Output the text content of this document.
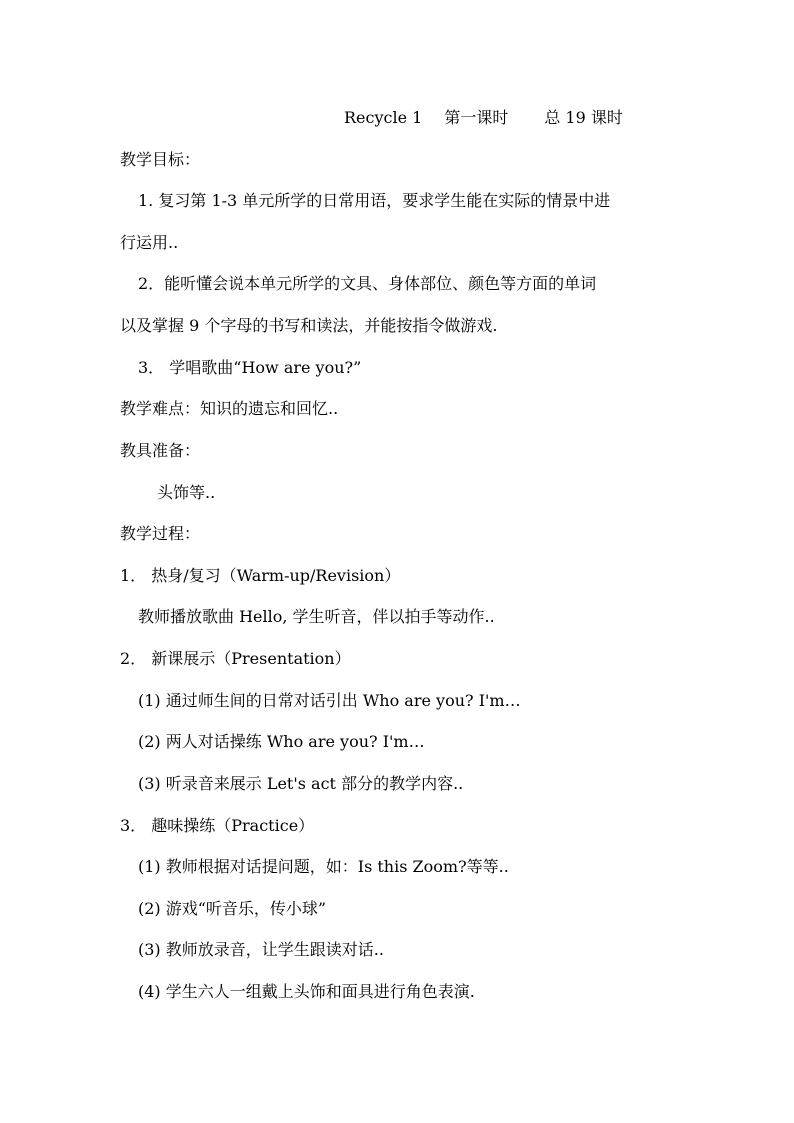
Recycle 1 第一课时 总 19 课时
教学目标：
1. 复习第 1-3 单元所学的日常用语，要求学生能在实际的情景中进
行运用..
2．能听懂会说本单元所学的文具、身体部位、颜色等方面的单词
以及掌握 9 个字母的书写和读法，并能按指令做游戏.
3． 学唱歌曲“How are you?”
教学难点：知识的遗忘和回忆..
教具准备：
头饰等..
教学过程：
1． 热身/复习（Warm-up/Revision）
教师播放歌曲 Hello, 学生听音，伴以拍手等动作..
2． 新课展示（Presentation）
(1) 通过师生间的日常对话引出 Who are you? I'm…
(2) 两人对话操练 Who are you? I'm…
(3) 听录音来展示 Let's act 部分的教学内容..
3． 趣味操练（Practice）
(1) 教师根据对话提问题，如：Is this Zoom?等等..
(2) 游戏“听音乐，传小球”
(3) 教师放录音，让学生跟读对话..
(4) 学生六人一组戴上头饰和面具进行角色表演.
